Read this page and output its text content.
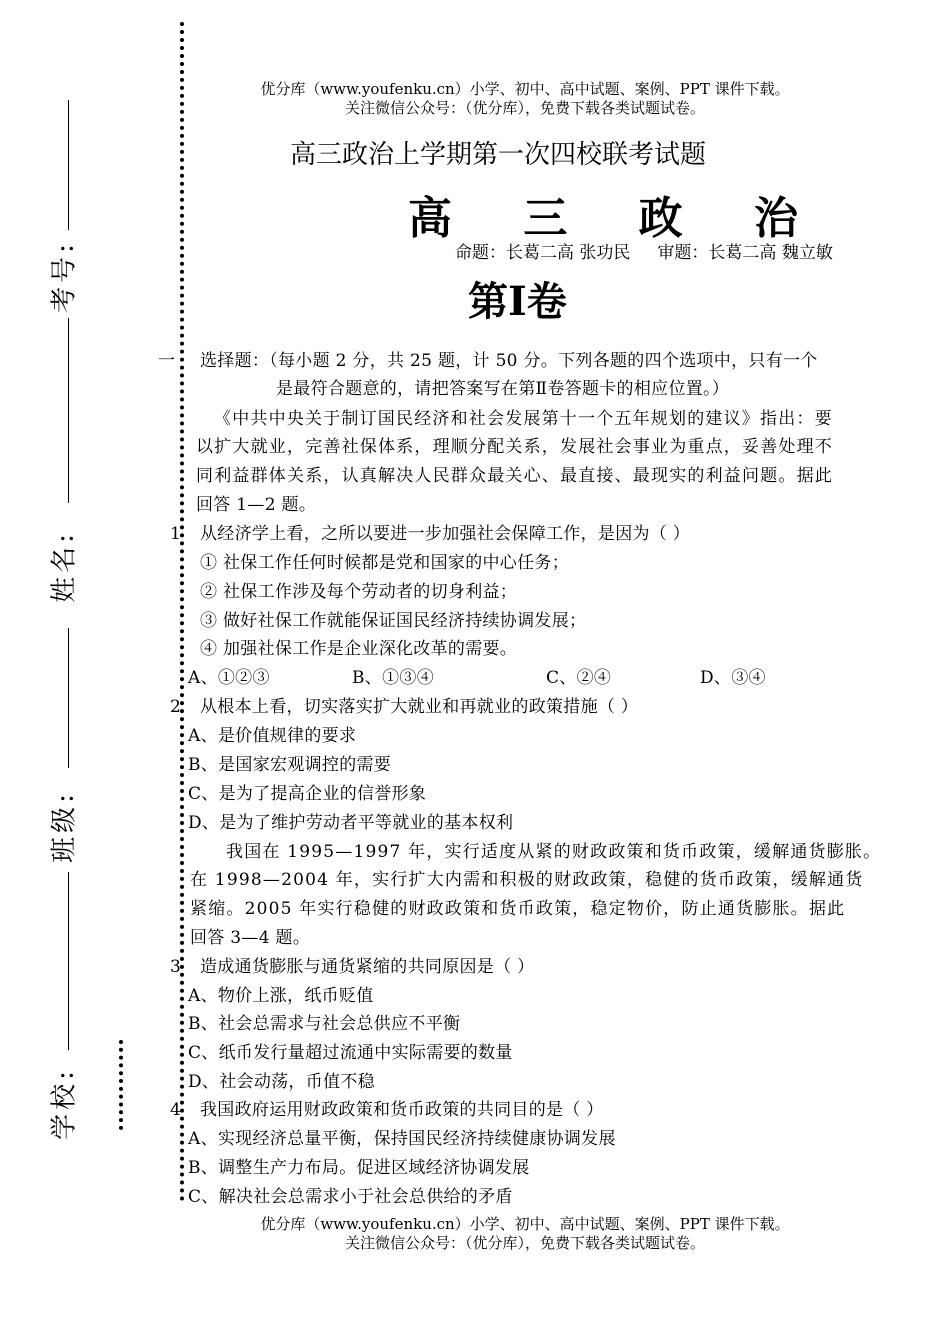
考号:
姓名:
班级:
学校:
优分库（www.youfenku.cn）小学、初中、高中试题、案例、PPT 课件下载。
关注微信公众号：（优分库），免费下载各类试题试卷。
高三政治上学期第一次四校联考试题
高 三 政 治
命题：长葛二高 张功民     审题：长葛二高 魏立敏
第Ⅰ卷
一 选择题：（每小题 2 分，共 25 题，计 50 分。下列各题的四个选项中，只有一个
是最符合题意的，请把答案写在第Ⅱ卷答题卡的相应位置。）
《中共中央关于制订国民经济和社会发展第十一个五年规划的建议》指出：要
以扩大就业，完善社保体系，理顺分配关系，发展社会事业为重点，妥善处理不
同利益群体关系，认真解决人民群众最关心、最直接、最现实的利益问题。据此
回答 1—2 题。
1 从经济学上看，之所以要进一步加强社会保障工作，是因为（ ）
① 社保工作任何时候都是党和国家的中心任务；
② 社保工作涉及每个劳动者的切身利益；
③ 做好社保工作就能保证国民经济持续协调发展；
④ 加强社保工作是企业深化改革的需要。
A、①②③	B、①③④	C、②④	D、③④
2 从根本上看，切实落实扩大就业和再就业的政策措施（ ）
A、是价值规律的要求
B、是国家宏观调控的需要
C、是为了提高企业的信誉形象
D、是为了维护劳动者平等就业的基本权利
我国在 1995—1997 年，实行适度从紧的财政政策和货币政策，缓解通货膨胀。
在 1998—2004 年，实行扩大内需和积极的财政政策，稳健的货币政策，缓解通货
紧缩。2005 年实行稳健的财政政策和货币政策，稳定物价，防止通货膨胀。据此
回答 3—4 题。
3 造成通货膨胀与通货紧缩的共同原因是（ ）
A、物价上涨，纸币贬值
B、社会总需求与社会总供应不平衡
C、纸币发行量超过流通中实际需要的数量
D、社会动荡，币值不稳
4 我国政府运用财政政策和货币政策的共同目的是（ ）
A、实现经济总量平衡，保持国民经济持续健康协调发展
B、调整生产力布局。促进区域经济协调发展
C、解决社会总需求小于社会总供给的矛盾
优分库（www.youfenku.cn）小学、初中、高中试题、案例、PPT 课件下载。
关注微信公众号：（优分库），免费下载各类试题试卷。
